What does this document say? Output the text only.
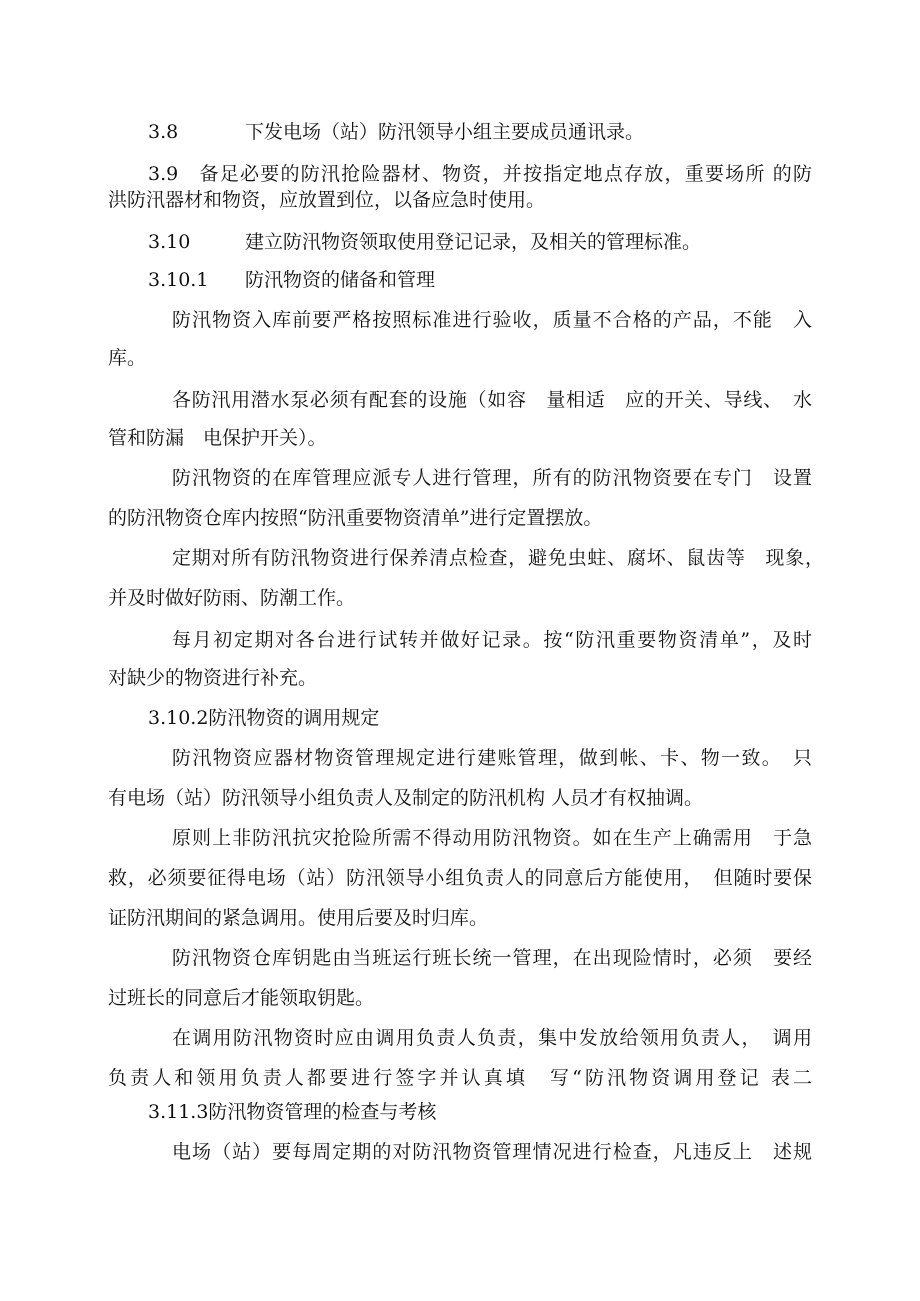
3.8	下发电场（站）防汛领导小组主要成员通讯录。

3.9　备足必要的防汛抢险器材、物资，并按指定地点存放，重要场所 的防

洪防汛器材和物资，应放置到位，以备应急时使用。

3.10	建立防汛物资领取使用登记记录，及相关的管理标准。

3.10.1 防汛物资的储备和管理

防汛物资入库前要严格按照标准进行验收，质量不合格的产品，不能　入

库。

各防汛用潜水泵必须有配套的设施（如容　量相适　应的开关、导线、　水

管和防漏　电保护开关）。

防汛物资的在库管理应派专人进行管理，所有的防汛物资要在专门　设置

的防汛物资仓库内按照“防汛重要物资清单”进行定置摆放。

定期对所有防汛物资进行保养清点检查，避免虫蛀、腐坏、鼠齿等　现象，

并及时做好防雨、防潮工作。

每月初定期对各台进行试转并做好记录。按“防汛重要物资清单”，及时

对缺少的物资进行补充。

3.10.2防汛物资的调用规定

防汛物资应器材物资管理规定进行建账管理，做到帐、卡、物一致。　只

有电场（站）防汛领导小组负责人及制定的防汛机构 人员才有权抽调。

原则上非防汛抗灾抢险所需不得动用防汛物资。如在生产上确需用　于急

救，必须要征得电场（站）防汛领导小组负责人的同意后方能使用，　但随时要保

证防汛期间的紧急调用。使用后要及时归库。

防汛物资仓库钥匙由当班运行班长统一管理，在出现险情时，必须　要经

过班长的同意后才能领取钥匙。

在调用防汛物资时应由调用负责人负责，集中发放给领用负责人，　调用

负责人和领用负责人都要进行签字并认真填　写“防汛物资调用登记 表二

3.11.3防汛物资管理的检查与考核

电场（站）要每周定期的对防汛物资管理情况进行检查，凡违反上　述规
